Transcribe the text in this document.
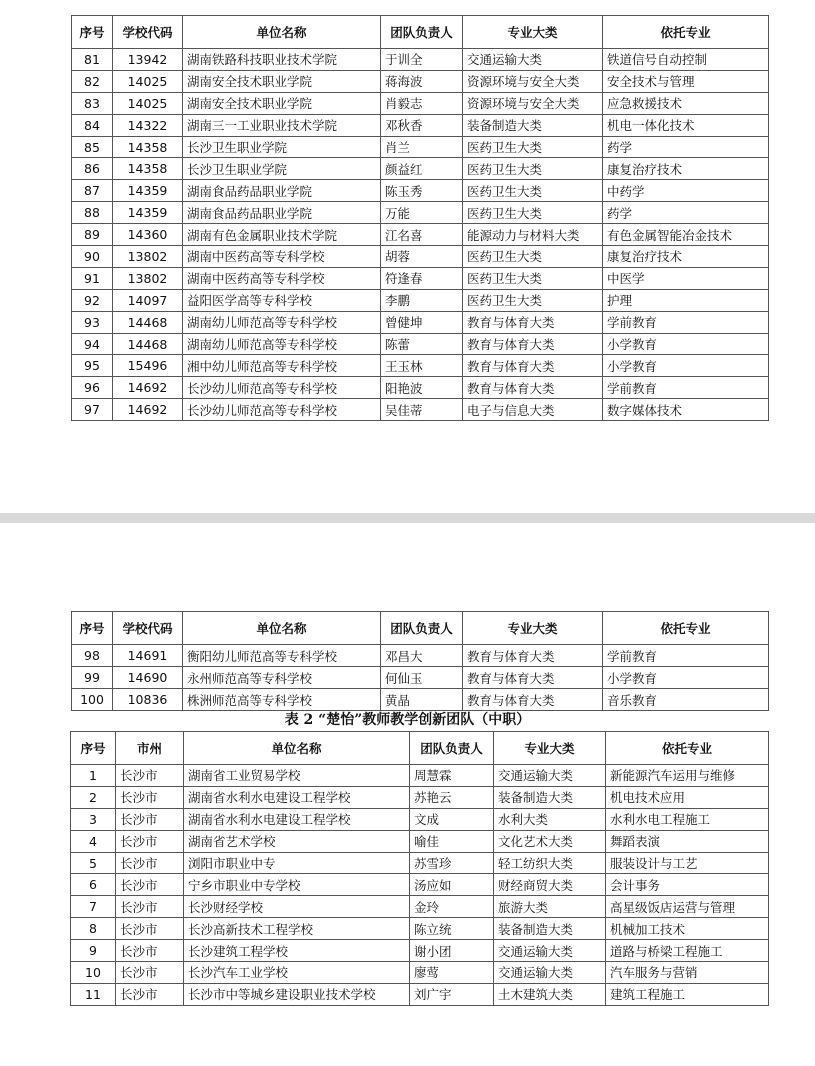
序号	学校代码	单位名称	团队负责人	专业大类	依托专业
81	13942	湖南铁路科技职业技术学院	于训全	交通运输大类	铁道信号自动控制
82	14025	湖南安全技术职业学院	蒋海波	资源环境与安全大类	安全技术与管理
83	14025	湖南安全技术职业学院	肖毅志	资源环境与安全大类	应急救援技术
84	14322	湖南三一工业职业技术学院	邓秋香	装备制造大类	机电一体化技术
85	14358	长沙卫生职业学院	肖兰	医药卫生大类	药学
86	14358	长沙卫生职业学院	颜益红	医药卫生大类	康复治疗技术
87	14359	湖南食品药品职业学院	陈玉秀	医药卫生大类	中药学
88	14359	湖南食品药品职业学院	万能	医药卫生大类	药学
89	14360	湖南有色金属职业技术学院	江名喜	能源动力与材料大类	有色金属智能冶金技术
90	13802	湖南中医药高等专科学校	胡蓉	医药卫生大类	康复治疗技术
91	13802	湖南中医药高等专科学校	符逢春	医药卫生大类	中医学
92	14097	益阳医学高等专科学校	李鹏	医药卫生大类	护理
93	14468	湖南幼儿师范高等专科学校	曾健坤	教育与体育大类	学前教育
94	14468	湖南幼儿师范高等专科学校	陈蕾	教育与体育大类	小学教育
95	15496	湘中幼儿师范高等专科学校	王玉林	教育与体育大类	小学教育
96	14692	长沙幼儿师范高等专科学校	阳艳波	教育与体育大类	学前教育
97	14692	长沙幼儿师范高等专科学校	吴佳蒂	电子与信息大类	数字媒体技术
序号	学校代码	单位名称	团队负责人	专业大类	依托专业
98	14691	衡阳幼儿师范高等专科学校	邓昌大	教育与体育大类	学前教育
99	14690	永州师范高等专科学校	何仙玉	教育与体育大类	小学教育
100	10836	株洲师范高等专科学校	黄晶	教育与体育大类	音乐教育
表 2 “楚怡”教师教学创新团队（中职）
序号	市州	单位名称	团队负责人	专业大类	依托专业
1	长沙市	湖南省工业贸易学校	周慧霖	交通运输大类	新能源汽车运用与维修
2	长沙市	湖南省水利水电建设工程学校	苏艳云	装备制造大类	机电技术应用
3	长沙市	湖南省水利水电建设工程学校	文成	水利大类	水利水电工程施工
4	长沙市	湖南省艺术学校	喻佳	文化艺术大类	舞蹈表演
5	长沙市	浏阳市职业中专	苏雪珍	轻工纺织大类	服装设计与工艺
6	长沙市	宁乡市职业中专学校	汤应如	财经商贸大类	会计事务
7	长沙市	长沙财经学校	金玲	旅游大类	高星级饭店运营与管理
8	长沙市	长沙高新技术工程学校	陈立统	装备制造大类	机械加工技术
9	长沙市	长沙建筑工程学校	谢小团	交通运输大类	道路与桥梁工程施工
10	长沙市	长沙汽车工业学校	廖莺	交通运输大类	汽车服务与营销
11	长沙市	长沙市中等城乡建设职业技术学校	刘广宇	土木建筑大类	建筑工程施工
